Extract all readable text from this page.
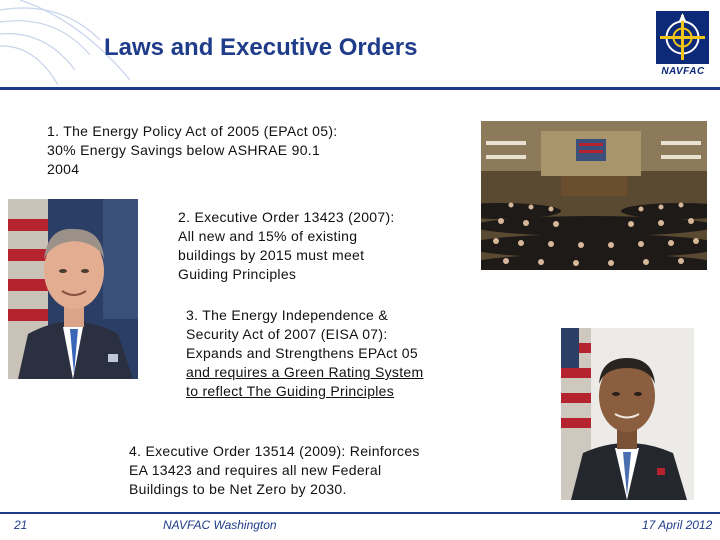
Laws and Executive Orders
NAVFAC
1. The Energy Policy Act of 2005 (EPAct 05):
30% Energy Savings below ASHRAE 90.1
2004
2. Executive Order 13423 (2007):
All new and 15% of existing
buildings by 2015 must meet
Guiding Principles
3. The Energy Independence &
Security Act of 2007 (EISA 07):
Expands and Strengthens EPAct 05
and requires a Green Rating System
to reflect The Guiding Principles
4. Executive Order 13514 (2009): Reinforces
EA 13423 and requires all new Federal
Buildings to be Net Zero by 2030.
21	NAVFAC Washington	17 April 2012
